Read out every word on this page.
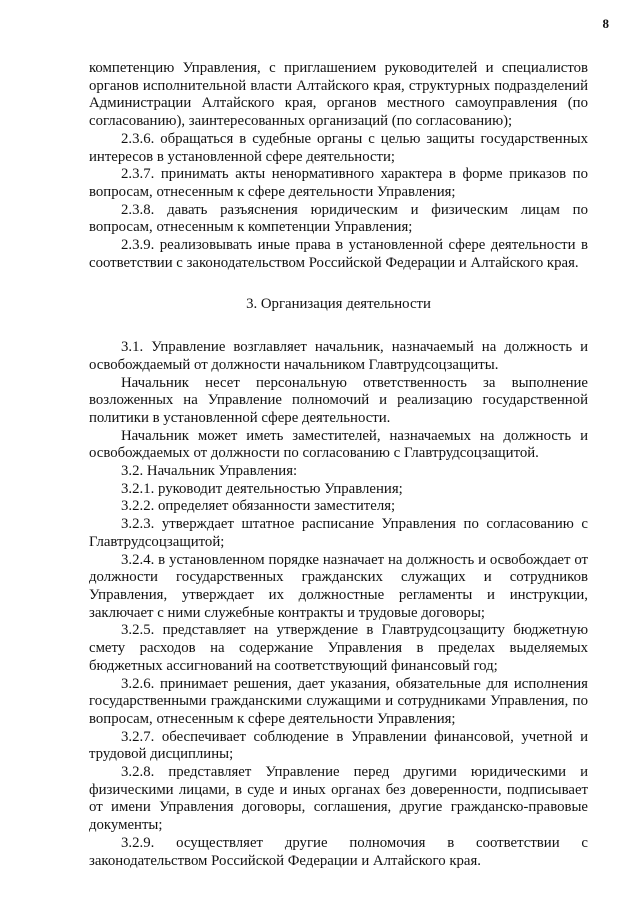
8

компетенцию Управления, с приглашением руководителей и специалистов органов исполнительной власти Алтайского края, структурных подразделений Администрации Алтайского края, органов местного самоуправления (по согласованию), заинтересованных организаций (по согласованию);

2.3.6. обращаться в судебные органы с целью защиты государственных интересов в установленной сфере деятельности;

2.3.7. принимать акты ненормативного характера в форме приказов по вопросам, отнесенным к сфере деятельности Управления;

2.3.8. давать разъяснения юридическим и физическим лицам по вопросам, отнесенным к компетенции Управления;

2.3.9. реализовывать иные права в установленной сфере деятельности в соответствии с законодательством Российской Федерации и Алтайского края.

3. Организация деятельности

3.1. Управление возглавляет начальник, назначаемый на должность и освобождаемый от должности начальником Главтрудсоцзащиты.

Начальник несет персональную ответственность за выполнение возложенных на Управление полномочий и реализацию государственной политики в установленной сфере деятельности.

Начальник может иметь заместителей, назначаемых на должность и освобождаемых от должности по согласованию с Главтрудсоцзащитой.

3.2. Начальник Управления:

3.2.1. руководит деятельностью Управления;

3.2.2. определяет обязанности заместителя;

3.2.3. утверждает штатное расписание Управления по согласованию с Главтрудсоцзащитой;

3.2.4. в установленном порядке назначает на должность и освобождает от должности государственных гражданских служащих и сотрудников Управления, утверждает их должностные регламенты и инструкции, заключает с ними служебные контракты и трудовые договоры;

3.2.5. представляет на утверждение в Главтрудсоцзащиту бюджетную смету расходов на содержание Управления в пределах выделяемых бюджетных ассигнований на соответствующий финансовый год;

3.2.6. принимает решения, дает указания, обязательные для исполнения государственными гражданскими служащими и сотрудниками Управления, по вопросам, отнесенным к сфере деятельности Управления;

3.2.7. обеспечивает соблюдение в Управлении финансовой, учетной и трудовой дисциплины;

3.2.8. представляет Управление перед другими юридическими и физическими лицами, в суде и иных органах без доверенности, подписывает от имени Управления договоры, соглашения, другие гражданско-правовые документы;

3.2.9. осуществляет другие полномочия в соответствии с законодательством Российской Федерации и Алтайского края.
